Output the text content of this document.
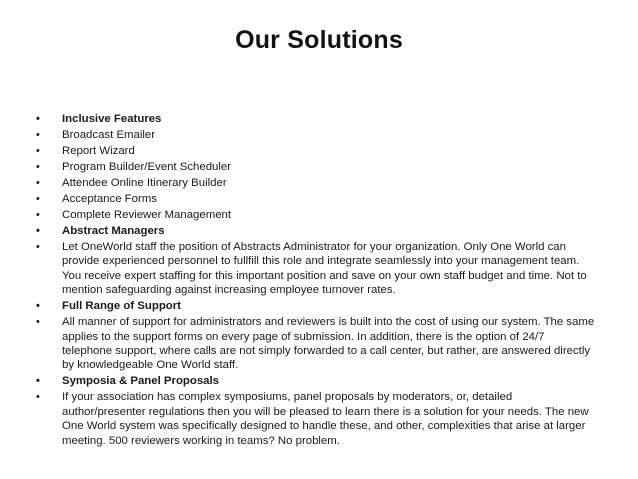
Our Solutions
• Inclusive Features
• Broadcast Emailer
• Report Wizard
• Program Builder/Event Scheduler
• Attendee Online Itinerary Builder
• Acceptance Forms
• Complete Reviewer Management
• Abstract Managers
• Let OneWorld staff the position of Abstracts Administrator for your organization. Only One World can provide experienced personnel to fullfill this role and integrate seamlessly into your management team. You receive expert staffing for this important position and save on your own staff budget and time. Not to mention safeguarding against increasing employee turnover rates.
• Full Range of Support
• All manner of support for administrators and reviewers is built into the cost of using our system. The same applies to the support forms on every page of submission. In addition, there is the option of 24/7 telephone support, where calls are not simply forwarded to a call center, but rather, are answered directly by knowledgeable One World staff.
• Symposia & Panel Proposals
• If your association has complex symposiums, panel proposals by moderators, or, detailed author/presenter regulations then you will be pleased to learn there is a solution for your needs. The new One World system was specifically designed to handle these, and other, complexities that arise at larger meeting. 500 reviewers working in teams? No problem.
